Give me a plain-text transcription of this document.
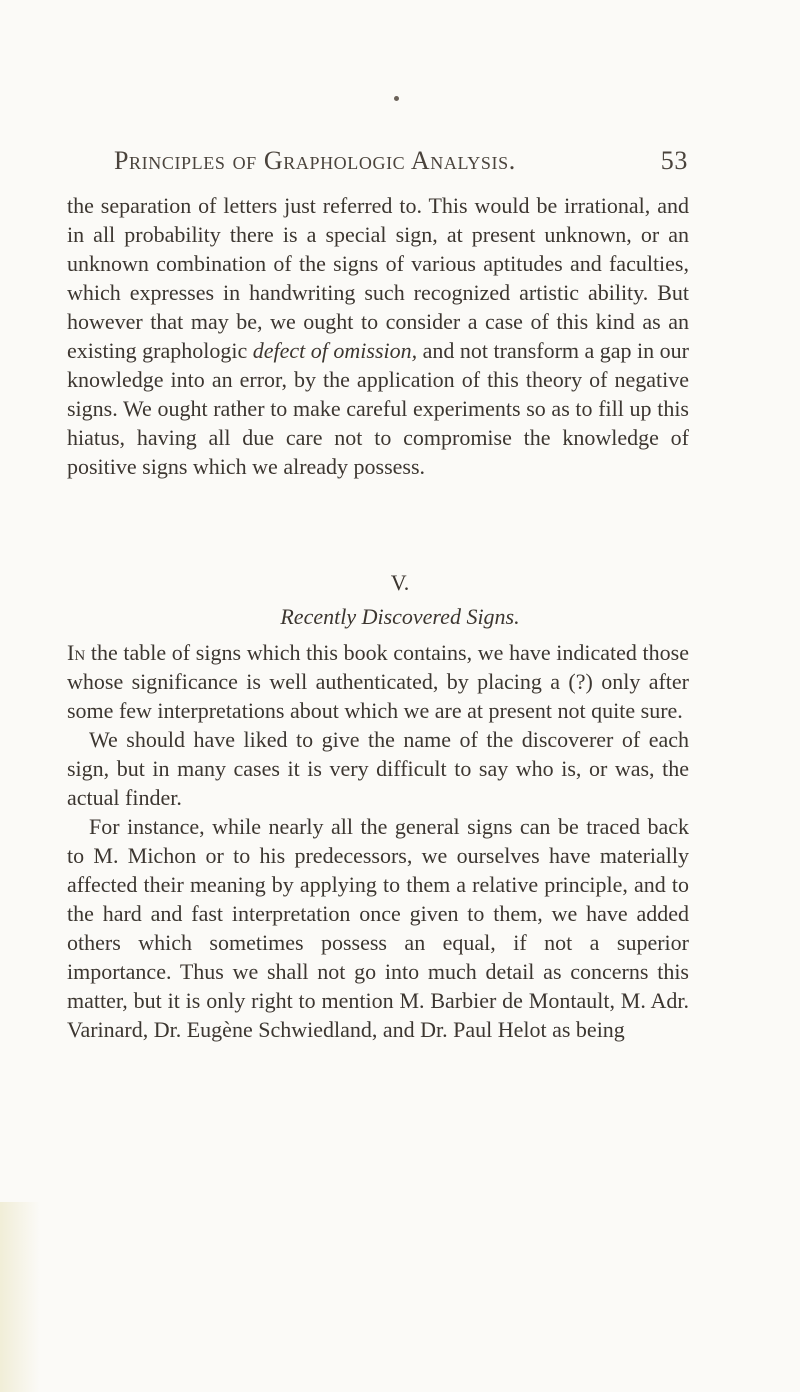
Principles of Graphologic Analysis.	53

the separation of letters just referred to. This would be irrational, and in all probability there is a special sign, at present unknown, or an unknown combination of the signs of various aptitudes and faculties, which expresses in handwriting such recognized artistic ability. But however that may be, we ought to consider a case of this kind as an existing graphologic defect of omission, and not transform a gap in our knowledge into an error, by the application of this theory of negative signs. We ought rather to make careful experiments so as to fill up this hiatus, having all due care not to compromise the knowledge of positive signs which we already possess.

V.
Recently Discovered Signs.

In the table of signs which this book contains, we have indicated those whose significance is well authenticated, by placing a (?) only after some few interpretations about which we are at present not quite sure.

We should have liked to give the name of the discoverer of each sign, but in many cases it is very difficult to say who is, or was, the actual finder.

For instance, while nearly all the general signs can be traced back to M. Michon or to his predecessors, we ourselves have materially affected their meaning by applying to them a relative principle, and to the hard and fast interpretation once given to them, we have added others which sometimes possess an equal, if not a superior importance. Thus we shall not go into much detail as concerns this matter, but it is only right to mention M. Barbier de Montault, M. Adr. Varinard, Dr. Eugène Schwiedland, and Dr. Paul Helot as being
